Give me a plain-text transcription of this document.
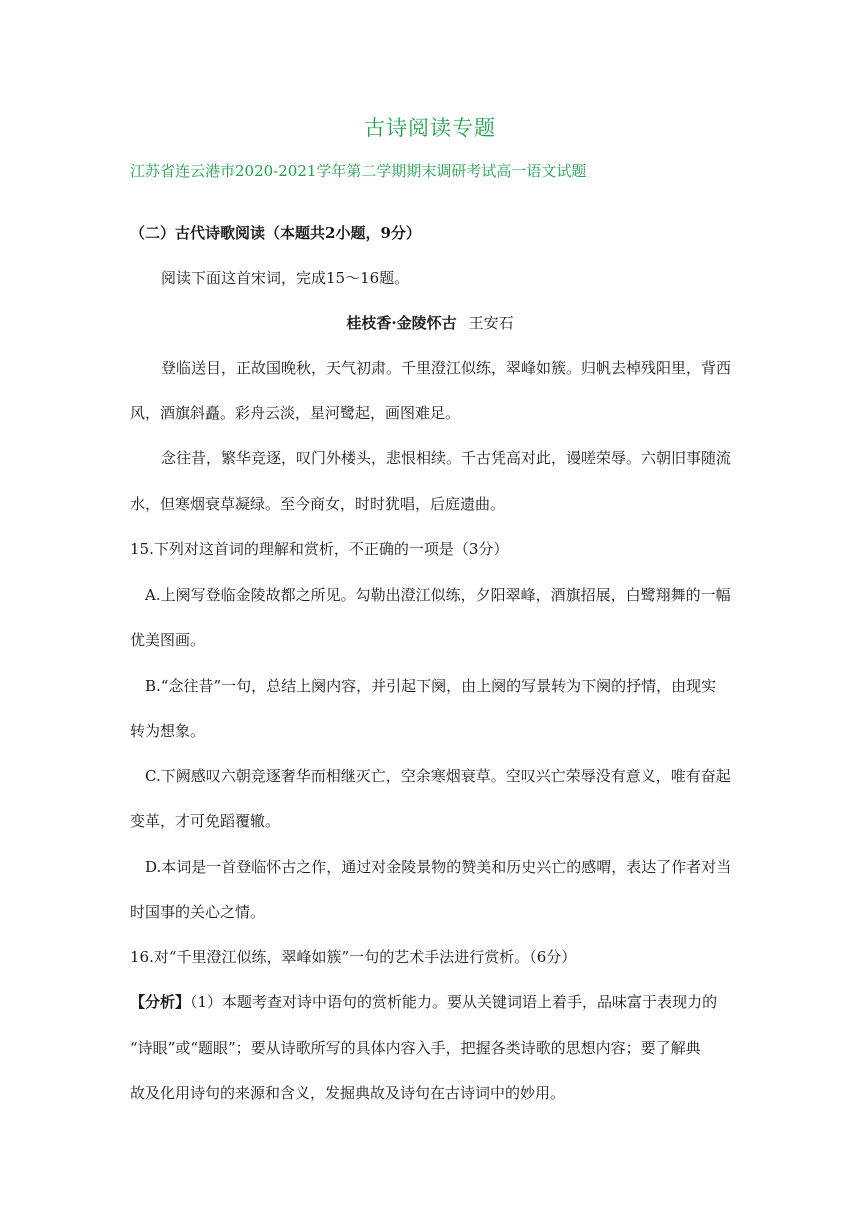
古诗阅读专题
江苏省连云港市2020-2021学年第二学期期末调研考试高一语文试题
（二）古代诗歌阅读（本题共2小题，9分）
阅读下面这首宋词，完成15～16题。
桂枝香·金陵怀古 王安石
登临送目，正故国晚秋，天气初肃。千里澄江似练，翠峰如簇。归帆去棹残阳里，背西
风，酒旗斜矗。彩舟云淡，星河鹭起，画图难足。
念往昔，繁华竞逐，叹门外楼头，悲恨相续。千古凭高对此，谩嗟荣辱。六朝旧事随流
水，但寒烟衰草凝绿。至今商女，时时犹唱，后庭遗曲。
15.下列对这首词的理解和赏析，不正确的一项是（3分）
A.上阕写登临金陵故都之所见。勾勒出澄江似练，夕阳翠峰，酒旗招展，白鹭翔舞的一幅
优美图画。
B.“念往昔”一句，总结上阕内容，并引起下阕，由上阕的写景转为下阕的抒情，由现实
转为想象。
C.下阙感叹六朝竞逐奢华而相继灭亡，空余寒烟衰草。空叹兴亡荣辱没有意义，唯有奋起
变革，才可免蹈覆辙。
D.本词是一首登临怀古之作，通过对金陵景物的赞美和历史兴亡的感喟，表达了作者对当
时国事的关心之情。
16.对“千里澄江似练，翠峰如簇”一句的艺术手法进行赏析。（6分）
【分析】（1）本题考查对诗中语句的赏析能力。要从关键词语上着手，品味富于表现力的
“诗眼”或“题眼”；要从诗歌所写的具体内容入手，把握各类诗歌的思想内容；要了解典
故及化用诗句的来源和含义，发掘典故及诗句在古诗词中的妙用。
